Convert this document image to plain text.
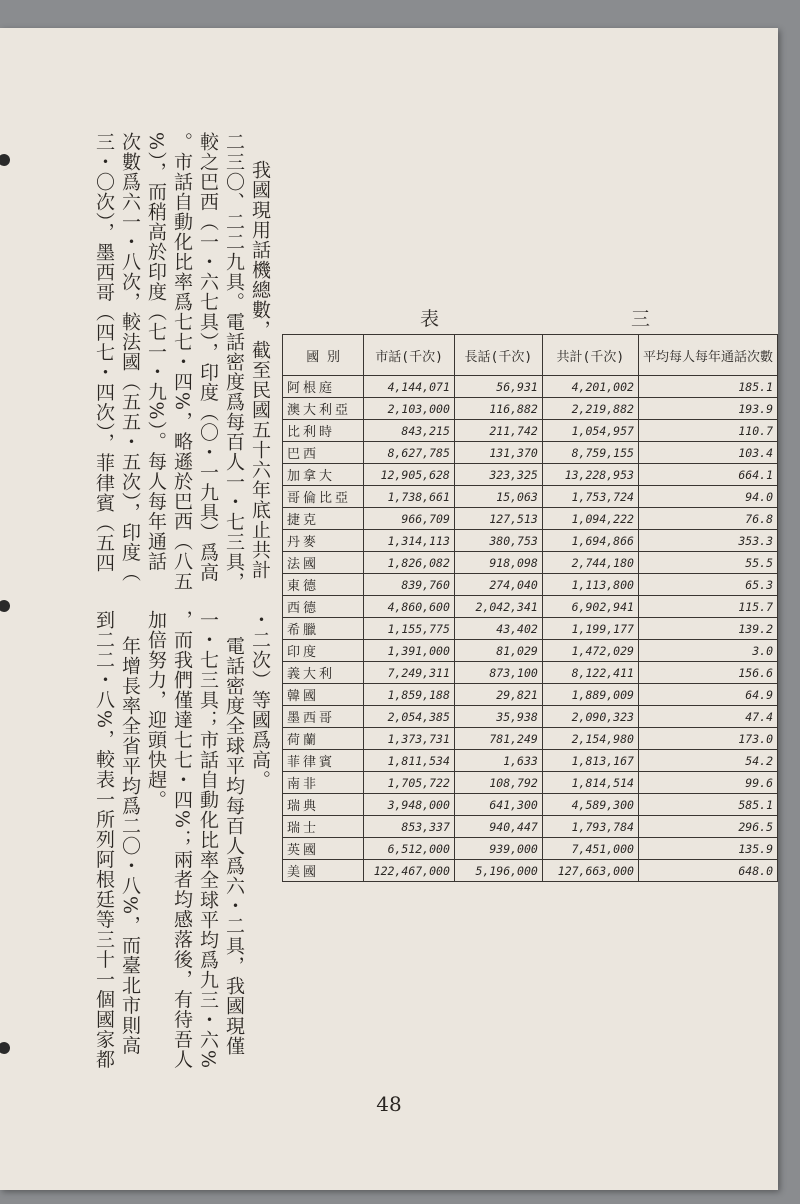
我國現用話機總數，截至民國五十六年底止共計
二三〇、二二九具。電話密度爲每百人一・七三具，
較之巴西（一・六七具），印度（〇・一九具）爲高
。市話自動化比率爲七七・四%，略遜於巴西（八五
%），而稍高於印度（七一・九%）。每人每年通話
次數爲六一・八次，較法國（五五・五次），印度（
三・〇次），墨西哥（四七・四次），菲律賓（五四
・二次）等國爲高。
電話密度全球平均每百人爲六・二具，我國現僅
一・七三具；市話自動化比率全球平均爲九三・六%
，而我們僅達七七・四%；兩者均感落後，有待吾人
加倍努力，迎頭快趕。
年增長率全省平均爲二〇・八%，而臺北市則高
到二二・八%，較表一所列阿根廷等三十一個國家都
表	三
國 別	市話(千次)	長話(千次)	共計(千次)	平均每人每年通話次數
阿根庭	4,144,071	56,931	4,201,002	185.1
澳大利亞	2,103,000	116,882	2,219,882	193.9
比利時	843,215	211,742	1,054,957	110.7
巴西	8,627,785	131,370	8,759,155	103.4
加拿大	12,905,628	323,325	13,228,953	664.1
哥倫比亞	1,738,661	15,063	1,753,724	94.0
捷克	966,709	127,513	1,094,222	76.8
丹麥	1,314,113	380,753	1,694,866	353.3
法國	1,826,082	918,098	2,744,180	55.5
東德	839,760	274,040	1,113,800	65.3
西德	4,860,600	2,042,341	6,902,941	115.7
希臘	1,155,775	43,402	1,199,177	139.2
印度	1,391,000	81,029	1,472,029	3.0
義大利	7,249,311	873,100	8,122,411	156.6
韓國	1,859,188	29,821	1,889,009	64.9
墨西哥	2,054,385	35,938	2,090,323	47.4
荷蘭	1,373,731	781,249	2,154,980	173.0
菲律賓	1,811,534	1,633	1,813,167	54.2
南非	1,705,722	108,792	1,814,514	99.6
瑞典	3,948,000	641,300	4,589,300	585.1
瑞士	853,337	940,447	1,793,784	296.5
英國	6,512,000	939,000	7,451,000	135.9
美國	122,467,000	5,196,000	127,663,000	648.0
48
